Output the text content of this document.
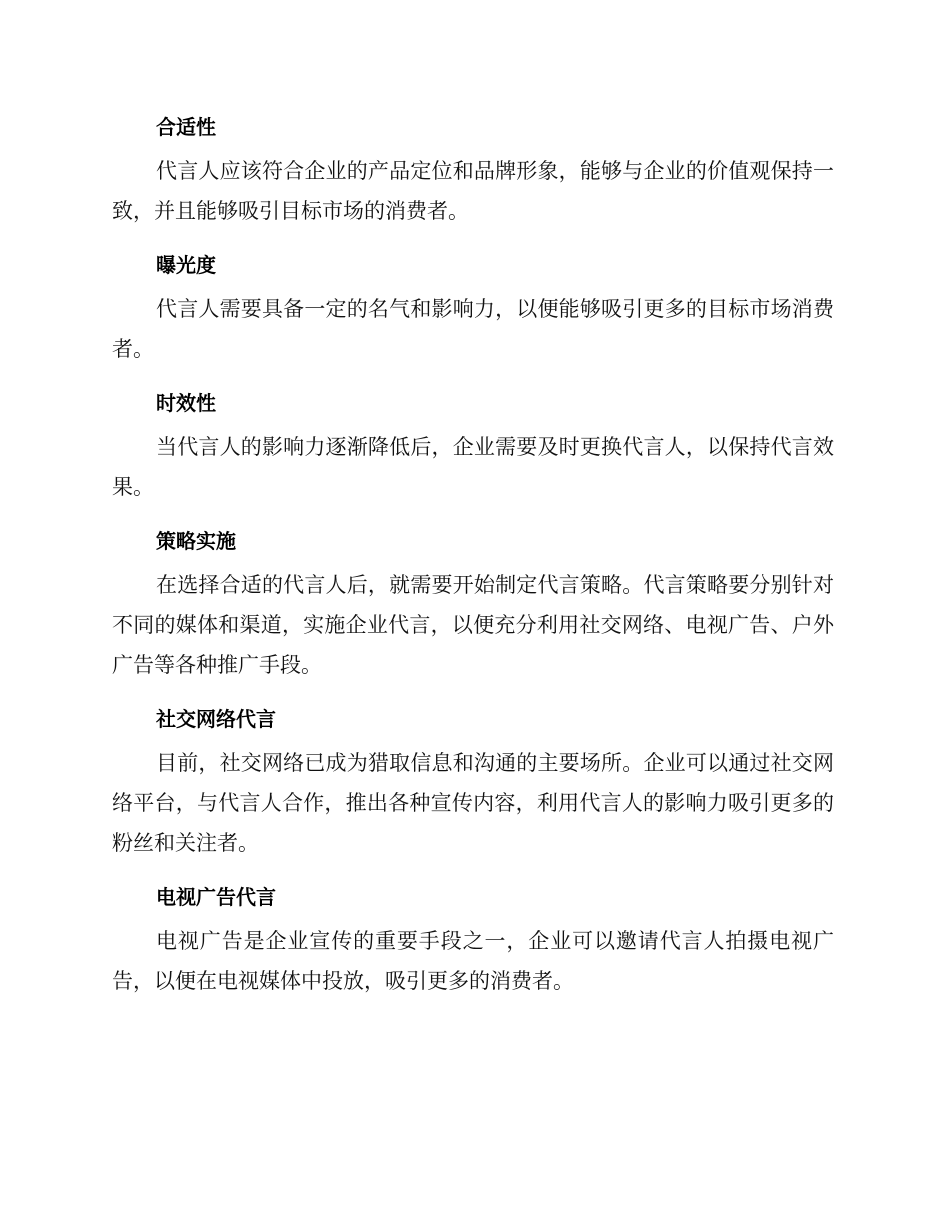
合适性

代言人应该符合企业的产品定位和品牌形象，能够与企业的价值观保持一致，并且能够吸引目标市场的消费者。

曝光度

代言人需要具备一定的名气和影响力，以便能够吸引更多的目标市场消费者。

时效性

当代言人的影响力逐渐降低后，企业需要及时更换代言人，以保持代言效果。

策略实施

在选择合适的代言人后，就需要开始制定代言策略。代言策略要分别针对不同的媒体和渠道，实施企业代言，以便充分利用社交网络、电视广告、户外广告等各种推广手段。

社交网络代言

目前，社交网络已成为猎取信息和沟通的主要场所。企业可以通过社交网络平台，与代言人合作，推出各种宣传内容，利用代言人的影响力吸引更多的粉丝和关注者。

电视广告代言

电视广告是企业宣传的重要手段之一，企业可以邀请代言人拍摄电视广告，以便在电视媒体中投放，吸引更多的消费者。
